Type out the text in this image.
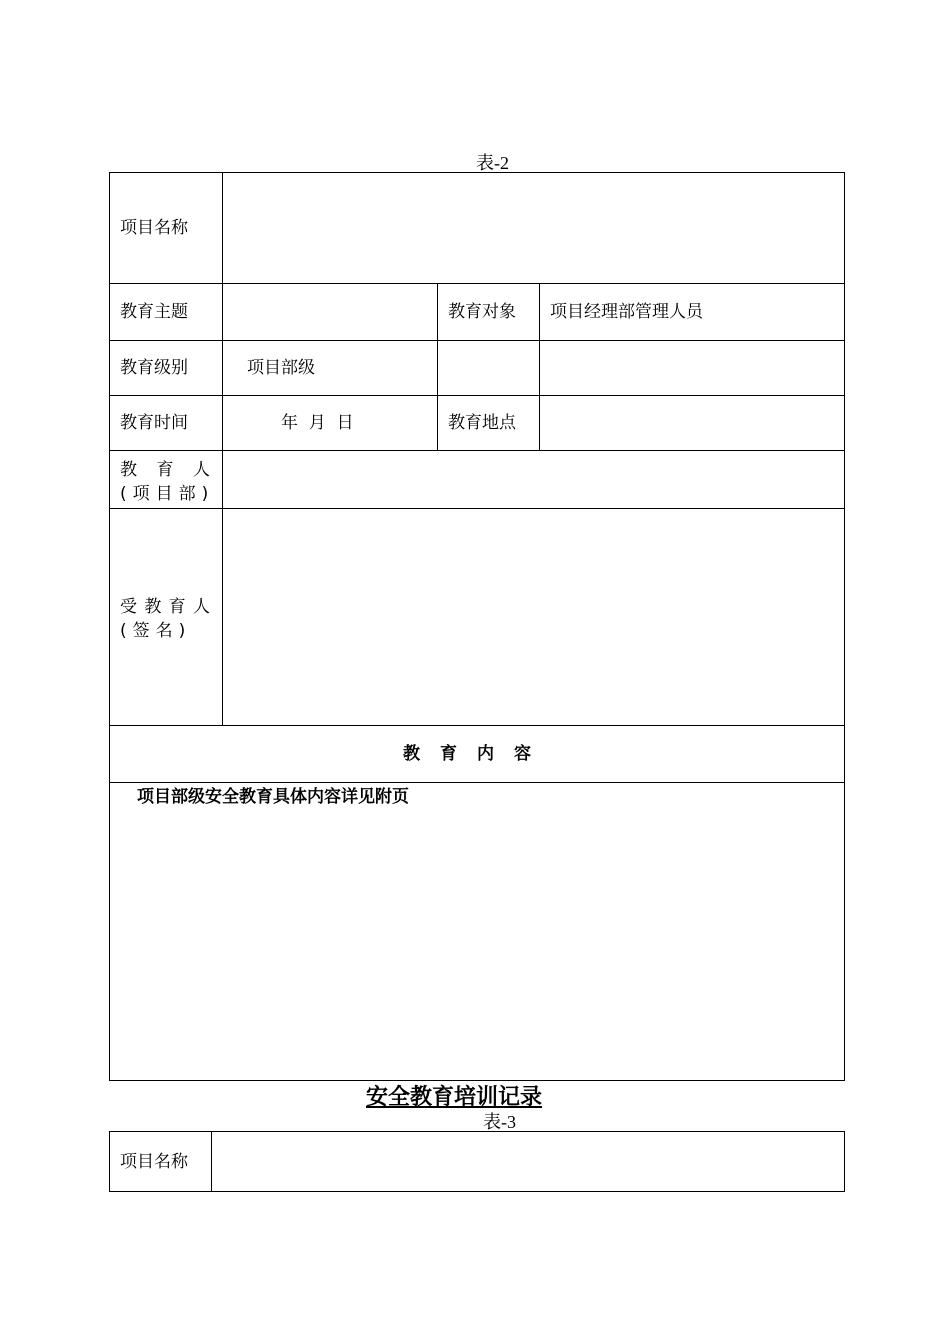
表-2
项目名称
教育主题	教育对象 项目经理部管理人员
教育级别	项目部级
教育时间	年  月  日	教育地点
教育人(项目部)
受教育人(签名)
教育内容
项目部级安全教育具体内容详见附页
安全教育培训记录
表-3
项目名称
